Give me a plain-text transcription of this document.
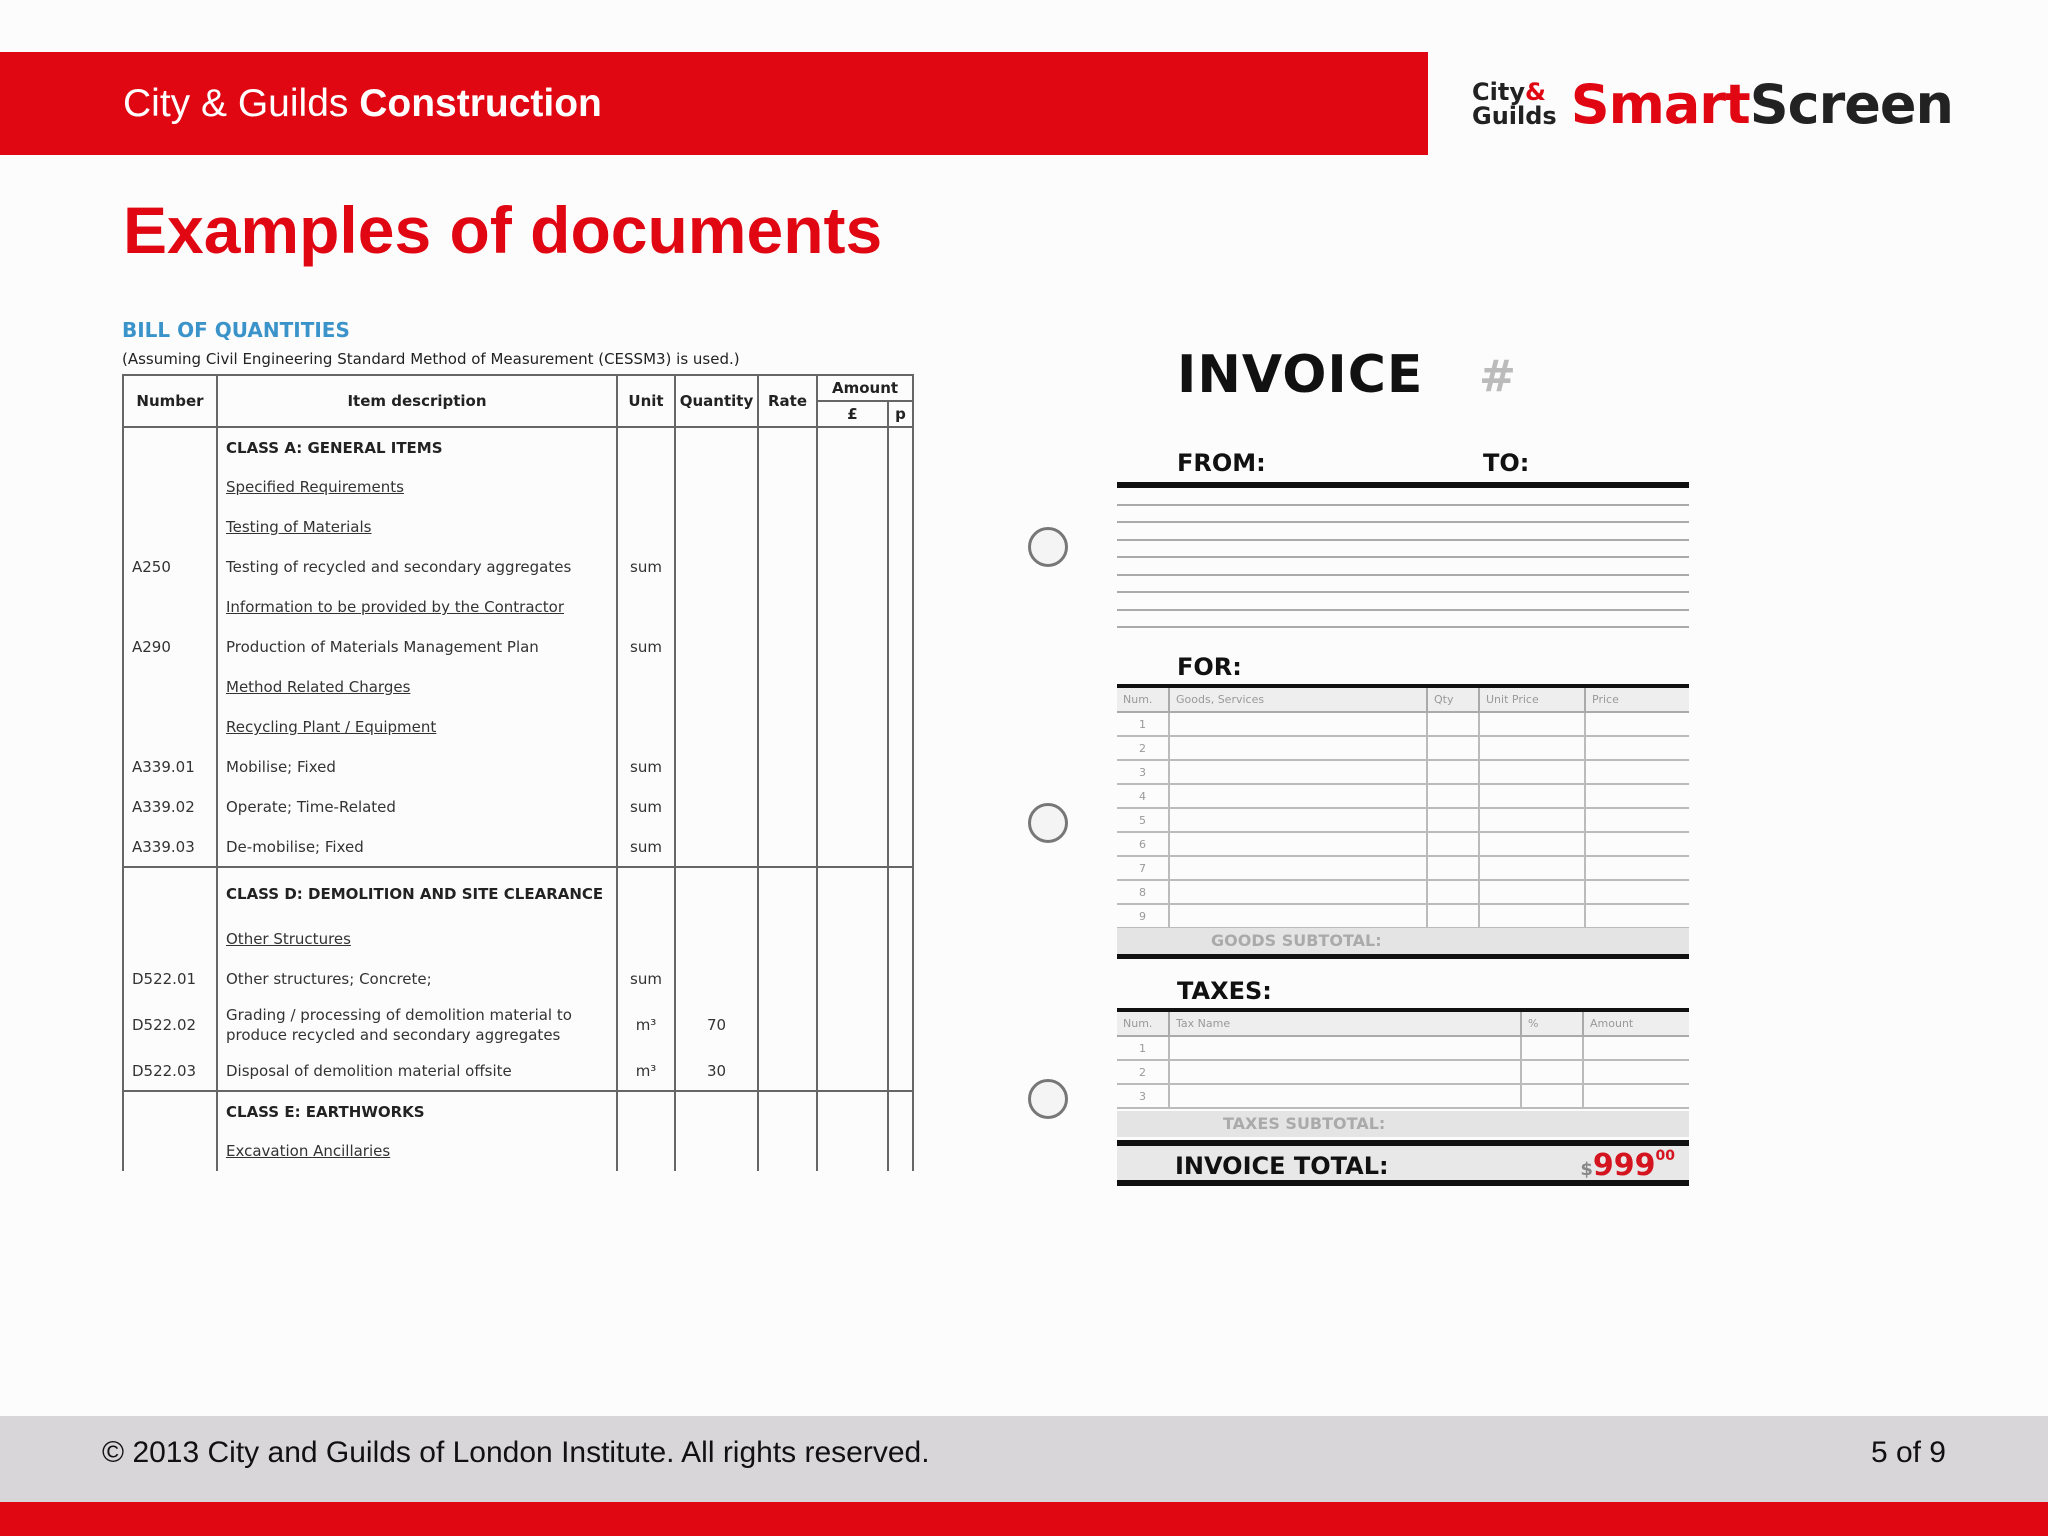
City & Guilds Construction	City&
Guilds Smart Screen
Examples of documents
BILL OF QUANTITIES
(Assuming Civil Engineering Standard Method of Measurement (CESSM3) is used.)
Number	Item description	Unit	Quantity	Rate	Amount	
					£	p
	CLASS A: GENERAL ITEMS					
	Specified Requirements					
	Testing of Materials					
A250	Testing of recycled and secondary aggregates	sum				
	Information to be provided by the Contractor					
A290	Production of Materials Management Plan	sum				
	Method Related Charges					
	Recycling Plant / Equipment					
A339.01	Mobilise; Fixed	sum				
A339.02	Operate; Time-Related	sum				
A339.03	De-mobilise; Fixed	sum				
	CLASS D: DEMOLITION AND SITE CLEARANCE					
	Other Structures					
D522.01	Other structures; Concrete;	sum				
D522.02	Grading / processing of demolition material to produce recycled and secondary aggregates	m³	70			
D522.03	Disposal of demolition material offsite	m³	30			
	CLASS E: EARTHWORKS					
	Excavation Ancillaries					
INVOICE #
FROM:	TO:
FOR:
Num.	Goods, Services	Qty	Unit Price	Price
1				
2				
3				
4				
5				
6				
7				
8				
9				
GOODS SUBTOTAL:
TAXES:
Num.	Tax Name	%	Amount
1			
2			
3			
TAXES SUBTOTAL:
INVOICE TOTAL:	$\$999^{00}$
© 2013 City and Guilds of London Institute. All rights reserved.	5 of 9
